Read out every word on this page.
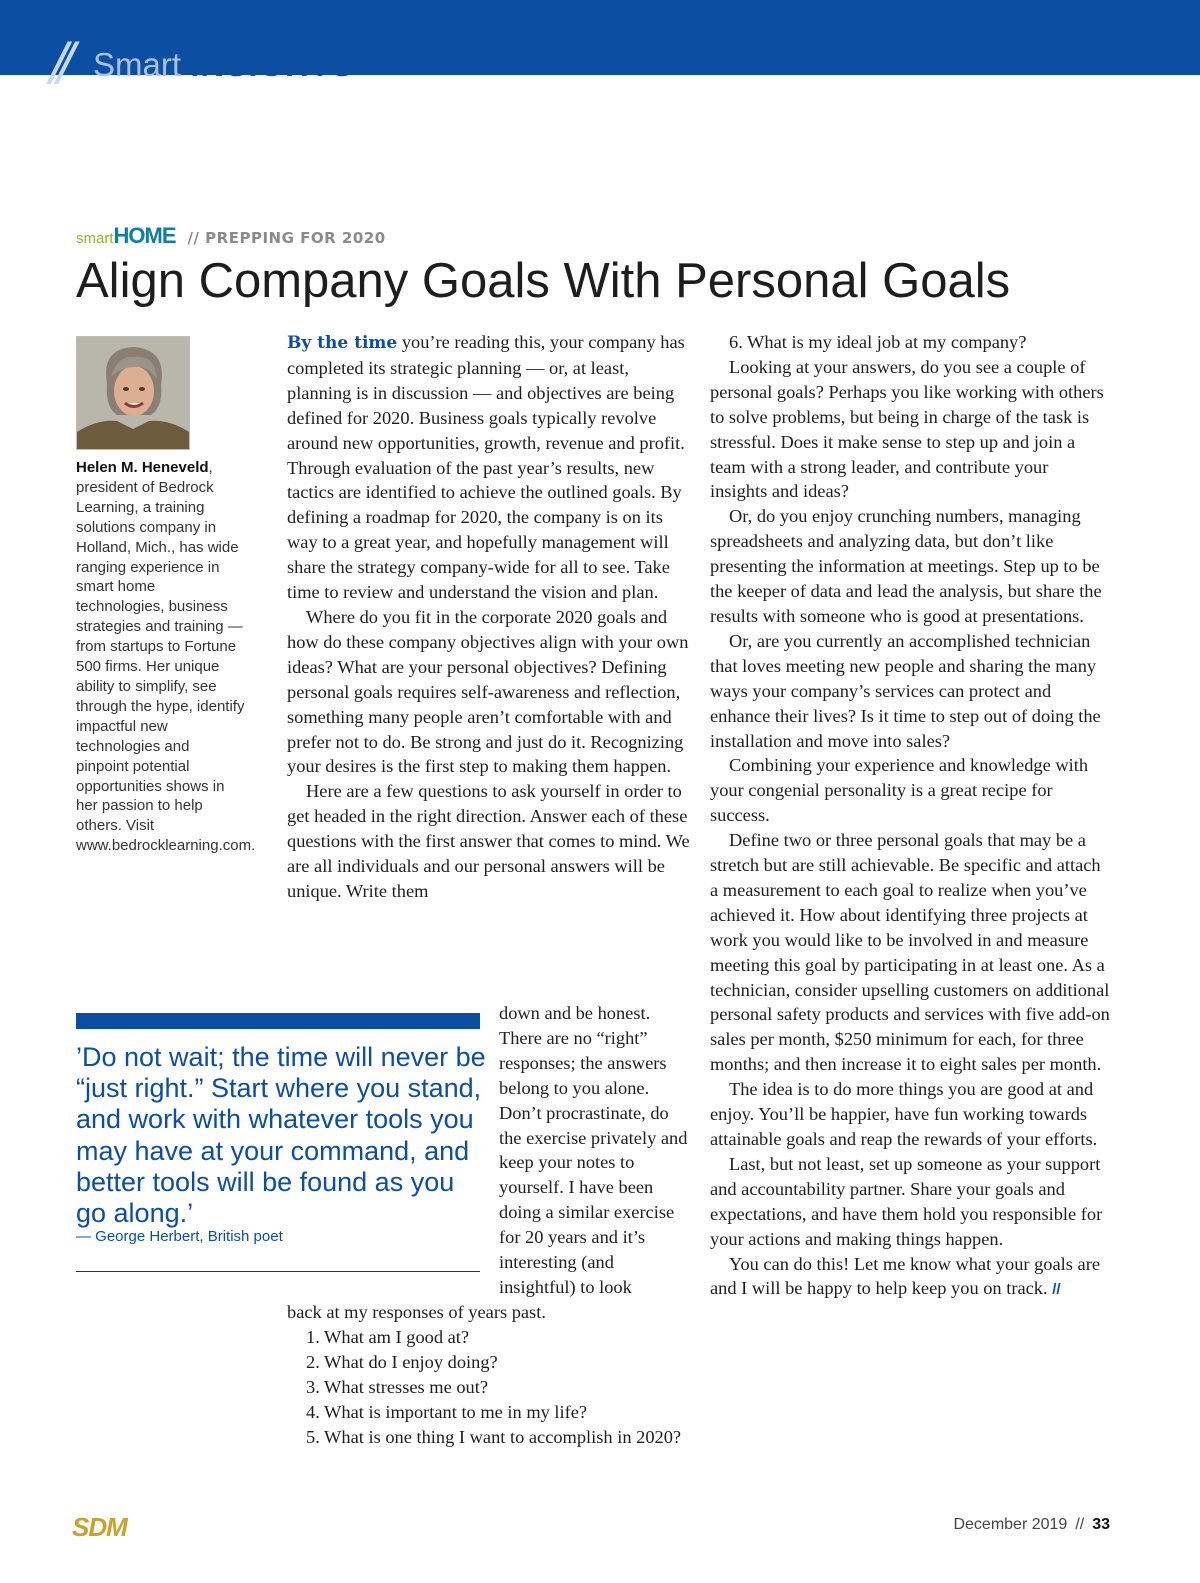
// Smart INSIGHTS
smartHOME // PREPPING FOR 2020
Align Company Goals With Personal Goals

Helen M. Heneveld, president of Bedrock Learning, a training solutions company in Holland, Mich., has wide ranging experience in smart home technologies, business strategies and training — from startups to Fortune 500 firms. Her unique ability to simplify, see through the hype, identify impactful new technologies and pinpoint potential opportunities shows in her passion to help others. Visit www.bedrocklearning.com.

By the time you’re reading this, your company has completed its strategic planning — or, at least, planning is in discussion — and objectives are being defined for 2020. Business goals typically revolve around new opportunities, growth, revenue and profit. Through evaluation of the past year’s results, new tactics are identified to achieve the outlined goals. By defining a roadmap for 2020, the company is on its way to a great year, and hopefully management will share the strategy company-wide for all to see. Take time to review and understand the vision and plan.

Where do you fit in the corporate 2020 goals and how do these company objectives align with your own ideas? What are your personal objectives? Defining personal goals requires self-awareness and reflection, something many people aren’t comfortable with and prefer not to do. Be strong and just do it. Recognizing your desires is the first step to making them happen.

Here are a few questions to ask yourself in order to get headed in the right direction. Answer each of these questions with the first answer that comes to mind. We are all individuals and our personal answers will be unique. Write them

down and be honest. There are no “right” responses; the answers belong to you alone. Don’t procrastinate, do the exercise privately and keep your notes to yourself. I have been doing a similar exercise for 20 years and it’s interesting (and insightful) to look

back at my responses of years past.

1. What am I good at?

2. What do I enjoy doing?

3. What stresses me out?

4. What is important to me in my life?

5. What is one thing I want to accomplish in 2020?

’Do not wait; the time will never be “just right.” Start where you stand, and work with whatever tools you may have at your command, and better tools will be found as you go along.’

— George Herbert, British poet

6. What is my ideal job at my company?

Looking at your answers, do you see a couple of personal goals? Perhaps you like working with others to solve problems, but being in charge of the task is stressful. Does it make sense to step up and join a team with a strong leader, and contribute your insights and ideas?

Or, do you enjoy crunching numbers, managing spreadsheets and analyzing data, but don’t like presenting the information at meetings. Step up to be the keeper of data and lead the analysis, but share the results with someone who is good at presentations.

Or, are you currently an accomplished technician that loves meeting new people and sharing the many ways your company’s services can protect and enhance their lives? Is it time to step out of doing the installation and move into sales?

Combining your experience and knowledge with your congenial personality is a great recipe for success.

Define two or three personal goals that may be a stretch but are still achievable. Be specific and attach a measurement to each goal to realize when you’ve achieved it. How about identifying three projects at work you would like to be involved in and measure meeting this goal by participating in at least one. As a technician, consider upselling customers on additional personal safety products and services with five add-on sales per month, $250 minimum for each, for three months; and then increase it to eight sales per month.

The idea is to do more things you are good at and enjoy. You’ll be happier, have fun working towards attainable goals and reap the rewards of your efforts.

Last, but not least, set up someone as your support and accountability partner. Share your goals and expectations, and have them hold you responsible for your actions and making things happen.

You can do this! Let me know what your goals are and I will be happy to help keep you on track. //

SDM	December 2019 // 33
